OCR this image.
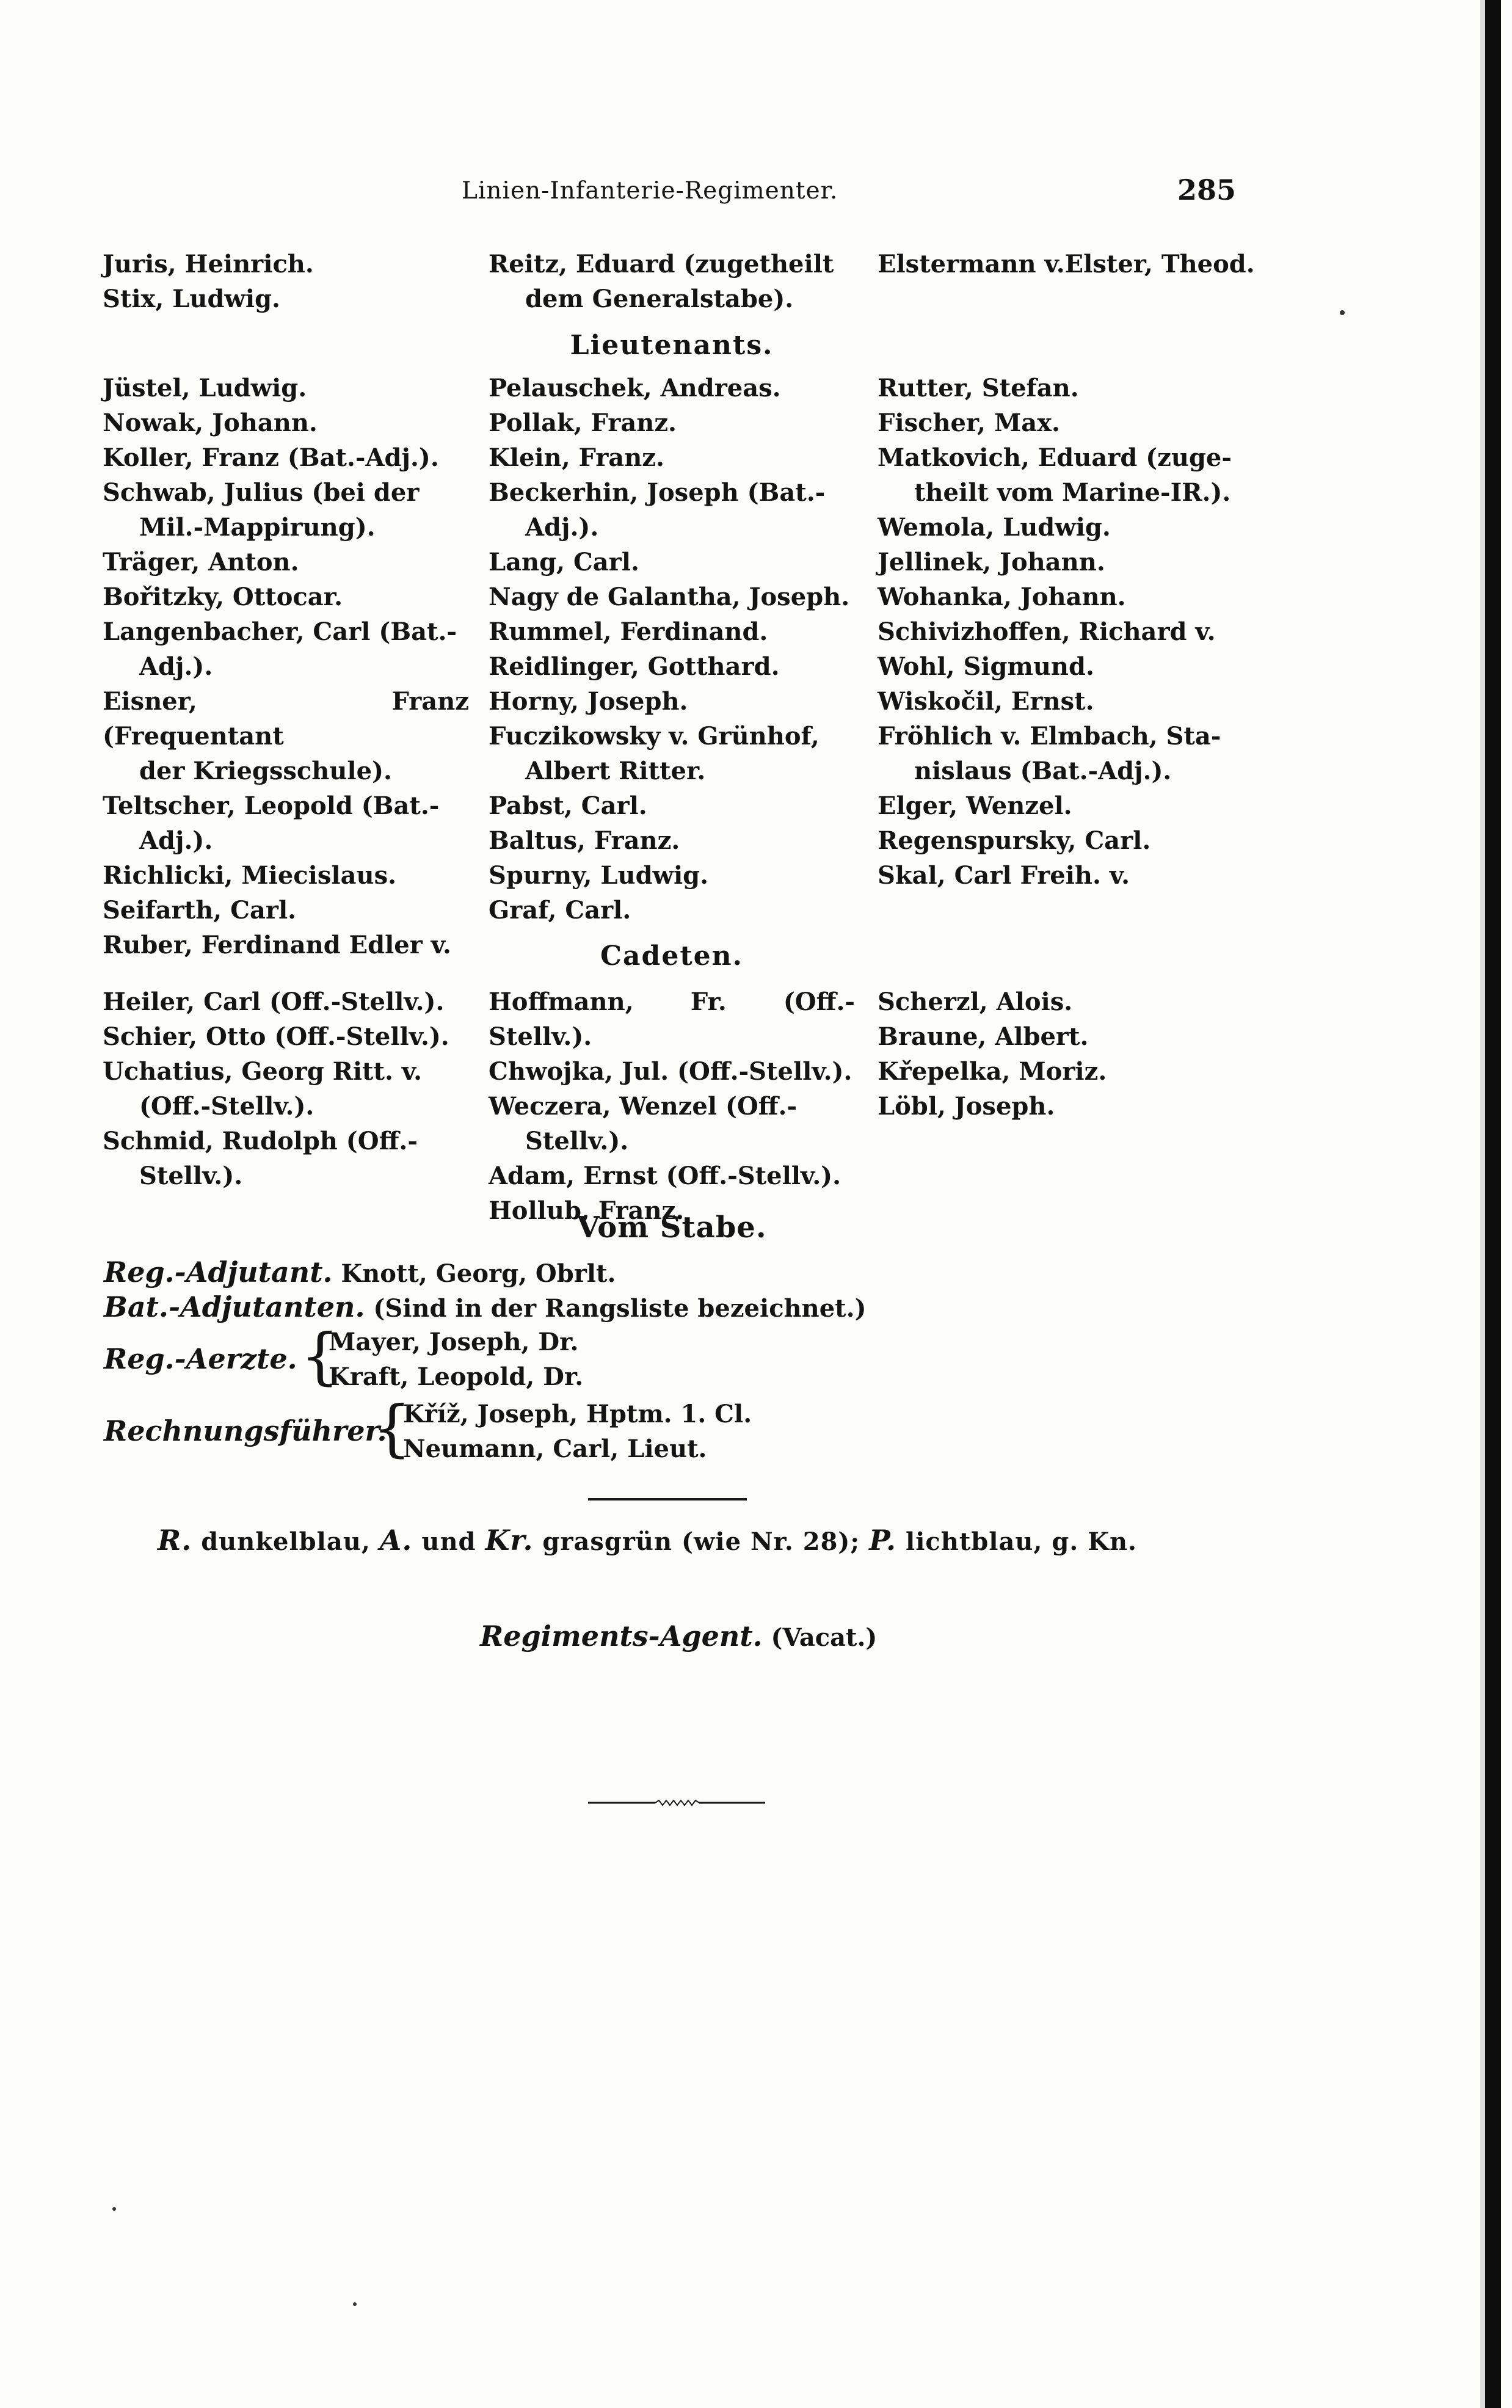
Linien-Infanterie-Regimenter.	285

Juris, Heinrich.

Stix, Ludwig.

Reitz, Eduard (zugetheilt
dem Generalstabe).

Elstermann v.Elster, Theod.

Lieutenants.

Jüstel, Ludwig.

Nowak, Johann.

Koller, Franz (Bat.-Adj.).

Schwab, Julius (bei der
Mil.-Mappirung).

Träger, Anton.

Bořitzky, Ottocar.

Langenbacher, Carl (Bat.-
Adj.).

Eisner, Franz (Frequentant
der Kriegsschule).

Teltscher, Leopold (Bat.-
Adj.).

Richlicki, Miecislaus.

Seifarth, Carl.

Ruber, Ferdinand Edler v.

Pelauschek, Andreas.

Pollak, Franz.

Klein, Franz.

Beckerhin, Joseph (Bat.-
Adj.).

Lang, Carl.

Nagy de Galantha, Joseph.

Rummel, Ferdinand.

Reidlinger, Gotthard.

Horny, Joseph.

Fuczikowsky v. Grünhof,
Albert Ritter.

Pabst, Carl.

Baltus, Franz.

Spurny, Ludwig.

Graf, Carl.

Rutter, Stefan.

Fischer, Max.

Matkovich, Eduard (zuge-
theilt vom Marine-IR.).

Wemola, Ludwig.

Jellinek, Johann.

Wohanka, Johann.

Schivizhoffen, Richard v.

Wohl, Sigmund.

Wiskočil, Ernst.

Fröhlich v. Elmbach, Sta-
nislaus (Bat.-Adj.).

Elger, Wenzel.

Regenspursky, Carl.

Skal, Carl Freih. v.

Cadeten.

Heiler, Carl (Off.-Stellv.).

Schier, Otto (Off.-Stellv.).

Uchatius, Georg Ritt. v.
(Off.-Stellv.).

Schmid, Rudolph (Off.-
Stellv.).

Hoffmann, Fr. (Off.-Stellv.).

Chwojka, Jul. (Off.-Stellv.).

Weczera, Wenzel (Off.-
Stellv.).

Adam, Ernst (Off.-Stellv.).

Hollub, Franz.

Scherzl, Alois.

Braune, Albert.

Křepelka, Moriz.

Löbl, Joseph.

Vom Stabe.
Reg.-Adjutant. Knott, Georg, Obrlt.
Bat.-Adjutanten. (Sind in der Rangsliste bezeichnet.)
Reg.-Aerzte. {
Mayer, Joseph, Dr.
Kraft, Leopold, Dr.
Rechnungsführer.
{
Kříž, Joseph, Hptm. 1. Cl.
Neumann, Carl, Lieut.
R. dunkelblau, A. und Kr. grasgrün (wie Nr. 28); P. lichtblau, g. Kn.
Regiments-Agent. (Vacat.)
